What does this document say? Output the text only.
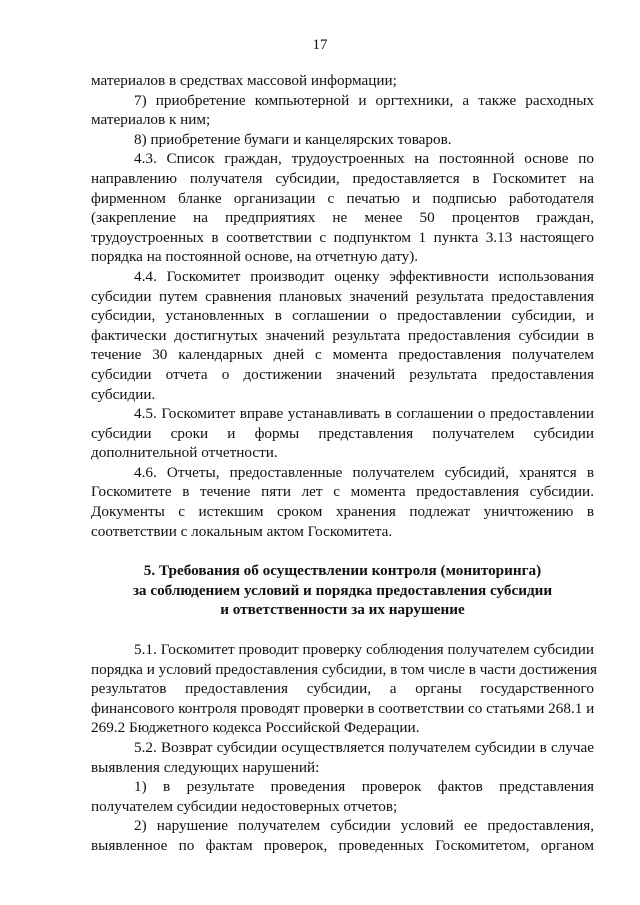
17
материалов в средствах массовой информации;
7) приобретение компьютерной и оргтехники, а также расходных
материалов к ним;
8) приобретение бумаги и канцелярских товаров.
4.3. Список граждан, трудоустроенных на постоянной основе по
направлению получателя субсидии, предоставляется в Госкомитет на
фирменном бланке организации с печатью и подписью работодателя
(закрепление на предприятиях не менее 50 процентов граждан,
трудоустроенных в соответствии с подпунктом 1 пункта 3.13 настоящего
порядка на постоянной основе, на отчетную дату).
4.4. Госкомитет производит оценку эффективности использования
субсидии путем сравнения плановых значений результата предоставления
субсидии, установленных в соглашении о предоставлении субсидии, и
фактически достигнутых значений результата предоставления субсидии в
течение 30 календарных дней с момента предоставления получателем
субсидии отчета о достижении значений результата предоставления
субсидии.
4.5. Госкомитет вправе устанавливать в соглашении о предоставлении
субсидии сроки и формы представления получателем субсидии
дополнительной отчетности.
4.6. Отчеты, предоставленные получателем субсидий, хранятся в
Госкомитете в течение пяти лет с момента предоставления субсидии.
Документы с истекшим сроком хранения подлежат уничтожению в
соответствии с локальным актом Госкомитета.
5. Требования об осуществлении контроля (мониторинга)
за соблюдением условий и порядка предоставления субсидии
и ответственности за их нарушение
5.1. Госкомитет проводит проверку соблюдения получателем субсидии
порядка и условий предоставления субсидии, в том числе в части достижения
результатов предоставления субсидии, а органы государственного
финансового контроля проводят проверки в соответствии со статьями 268.1 и
269.2 Бюджетного кодекса Российской Федерации.
5.2. Возврат субсидии осуществляется получателем субсидии в случае
выявления следующих нарушений:
1) в результате проведения проверок фактов представления
получателем субсидии недостоверных отчетов;
2) нарушение получателем субсидии условий ее предоставления,
выявленное по фактам проверок, проведенных Госкомитетом, органом
